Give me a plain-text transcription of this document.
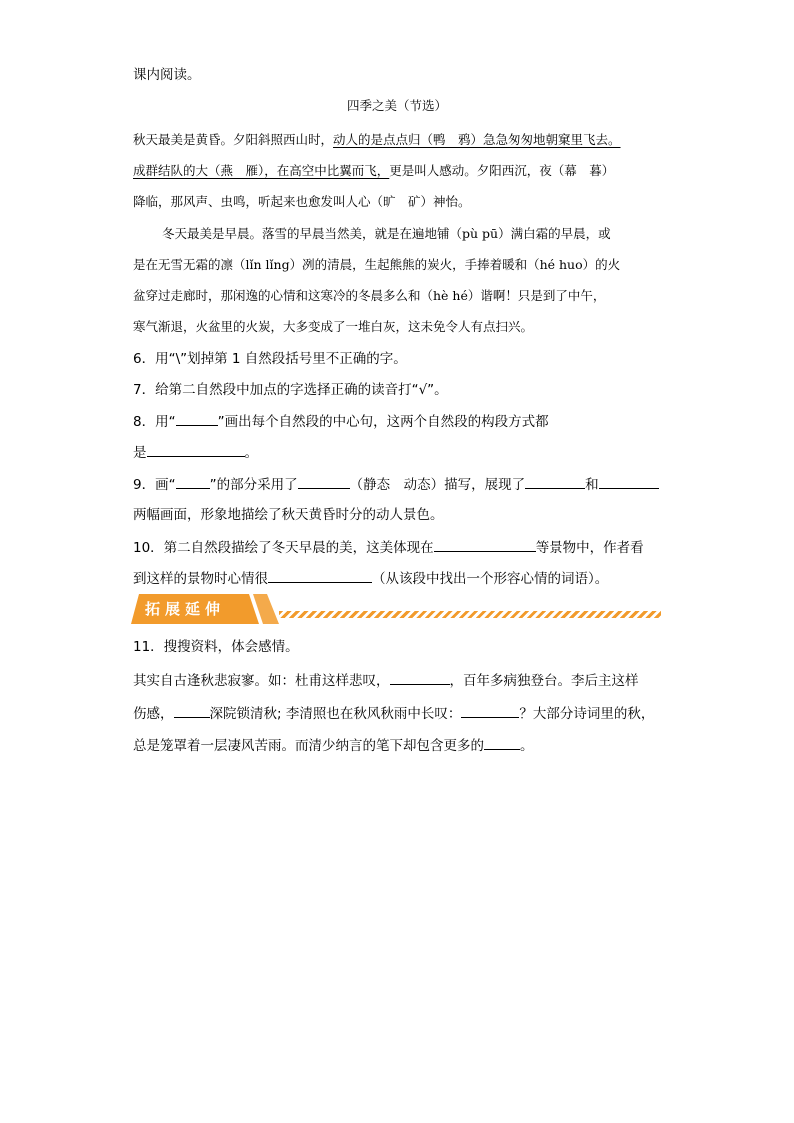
课内阅读。
四季之美（节选）
秋天最美是黄昏。夕阳斜照西山时，动人的是点点归（鸭　鸦）急急匆匆地朝窠里飞去。
成群结队的大（燕　雁），在高空中比翼而飞，更是叫人感动。夕阳西沉，夜（幕　暮）
降临，那风声、虫鸣，听起来也愈发叫人心（旷　矿）神怡。
冬天最美是早晨。落雪的早晨当然美，就是在遍地铺（pù pū）满白霜的早晨，或
是在无雪无霜的凛（lǐn lǐng）冽的清晨，生起熊熊的炭火，手捧着暖和（hé huo）的火
盆穿过走廊时，那闲逸的心情和这寒冷的冬晨多么和（hè hé）谐啊！只是到了中午，
寒气渐退，火盆里的火炭，大多变成了一堆白灰，这未免令人有点扫兴。
6．用“\”划掉第 1 自然段括号里不正确的字。
7．给第二自然段中加点的字选择正确的读音打“√”。
8．用“	”画出每个自然段的中心句，这两个自然段的构段方式都
是	。
9．画“	”的部分采用了	（静态　动态）描写，展现了	和
两幅画面，形象地描绘了秋天黄昏时分的动人景色。
10．第二自然段描绘了冬天早晨的美，这美体现在	等景物中，作者看
到这样的景物时心情很	（从该段中找出一个形容心情的词语）。
拓展延伸
11．搜搜资料，体会感情。
其实自古逢秋悲寂寥。如：杜甫这样悲叹，	，百年多病独登台。李后主这样
伤感，	深院锁清秋; 李清照也在秋风秋雨中长叹：	？大部分诗词里的秋，
总是笼罩着一层凄风苦雨。而清少纳言的笔下却包含更多的	。
